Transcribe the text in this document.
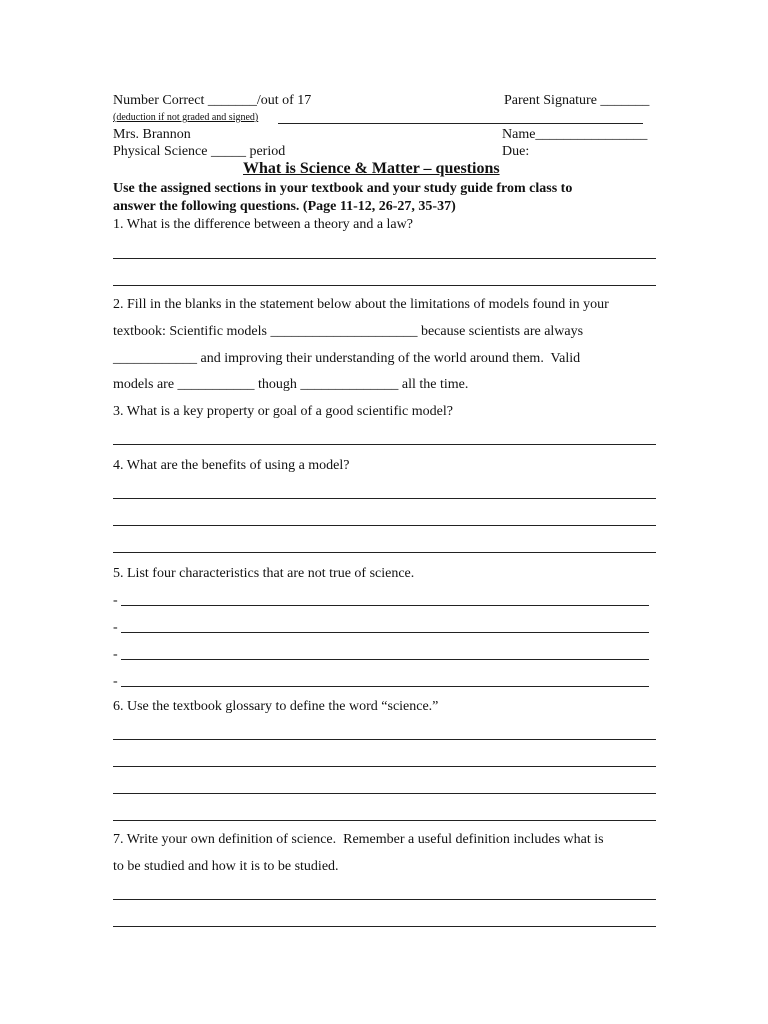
Number Correct _______/out of 17	Parent Signature _______
(deduction if not graded and signed)
Mrs. Brannon	Name________________
Physical Science _____ period	Due:
What is Science & Matter – questions
Use the assigned sections in your textbook and your study guide from class to
answer the following questions. (Page 11-12, 26-27, 35-37)
1. What is the difference between a theory and a law?
2. Fill in the blanks in the statement below about the limitations of models found in your
textbook: Scientific models _____________________ because scientists are always
____________ and improving their understanding of the world around them.  Valid
models are ___________ though ______________ all the time.
3. What is a key property or goal of a good scientific model?
4. What are the benefits of using a model?
5. List four characteristics that are not true of science.
-
-
-
-
6. Use the textbook glossary to define the word “science.”
7. Write your own definition of science.  Remember a useful definition includes what is
to be studied and how it is to be studied.
